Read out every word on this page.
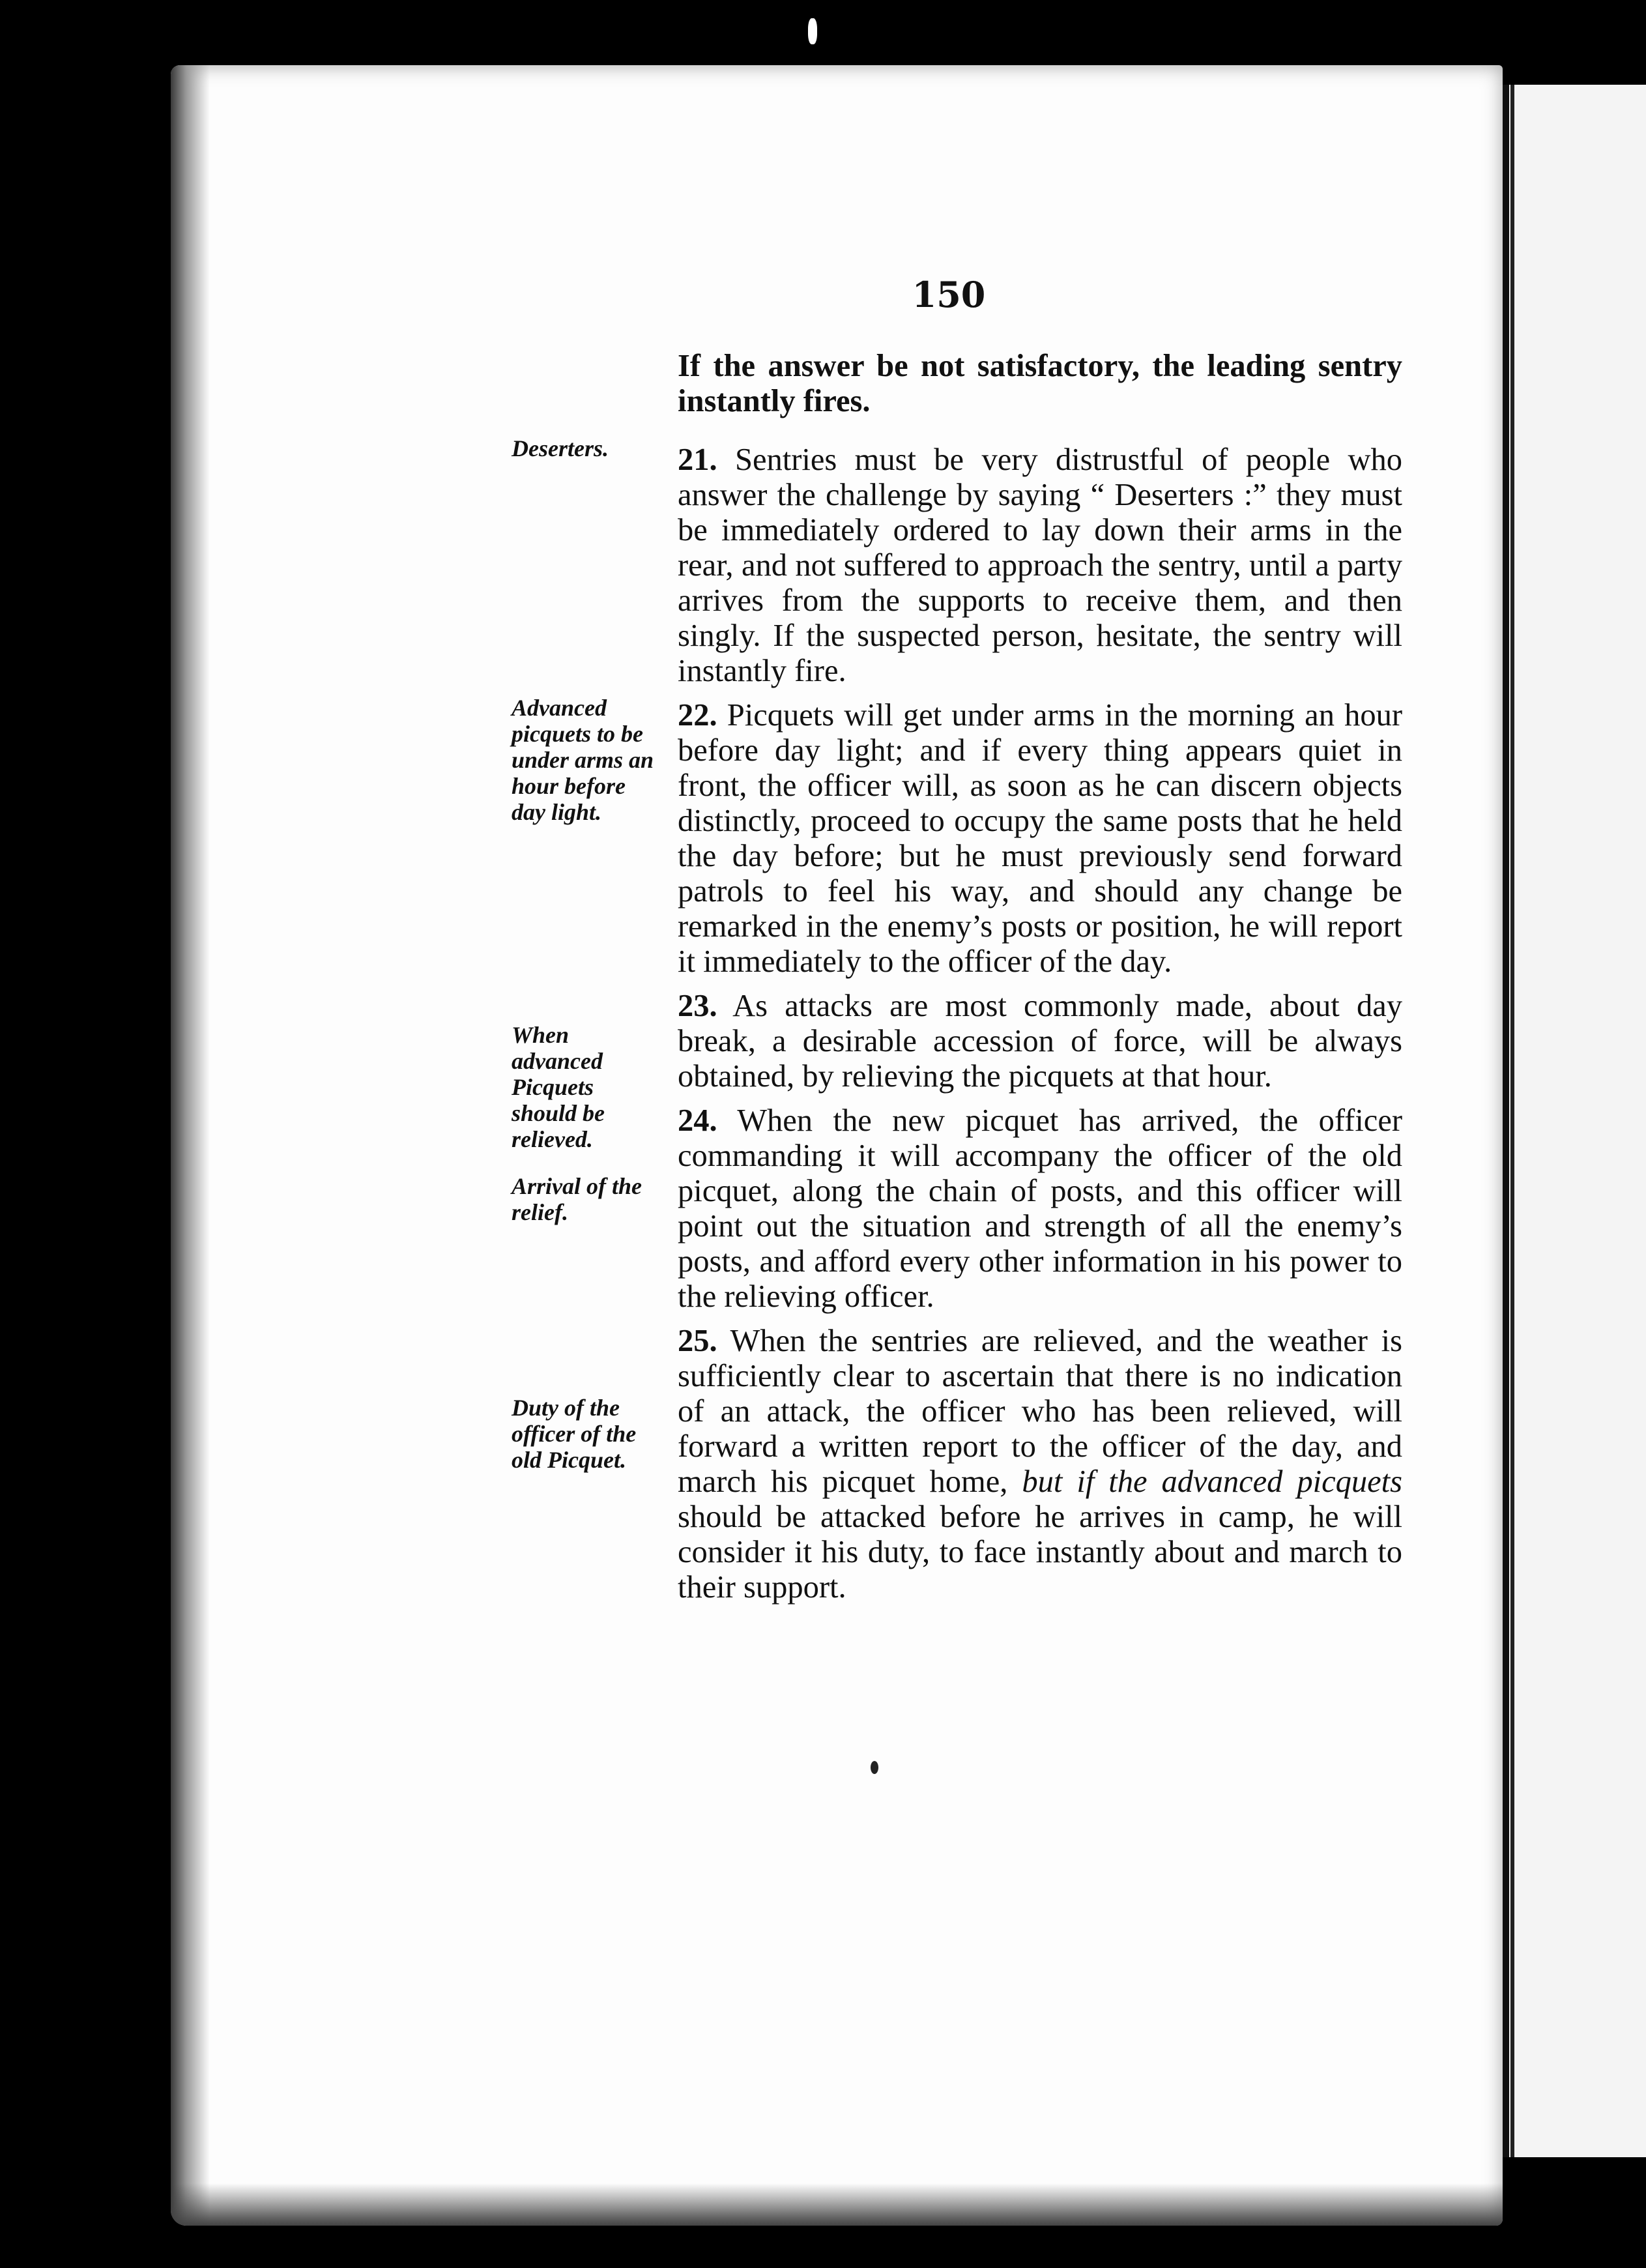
150
Deserters.
Advanced picquets to be under arms an hour before day light.
When advanced Picquets should be relieved.
Arrival of the relief.
Duty of the officer of the old Picquet.

If the answer be not satisfactory, the leading sentry instantly fires.

21. Sentries must be very distrustful of people who answer the challenge by saying “ Deserters :” they must be immediately ordered to lay down their arms in the rear, and not suffered to approach the sentry, until a party arrives from the supports to receive them, and then singly. If the suspected person, hesitate, the sentry will instantly fire.

22. Picquets will get under arms in the morning an hour before day light; and if every thing appears quiet in front, the officer will, as soon as he can discern objects distinctly, proceed to occupy the same posts that he held the day before; but he must previously send forward patrols to feel his way, and should any change be remarked in the enemy’s posts or position, he will report it immediately to the officer of the day.

23. As attacks are most commonly made, about day break, a desirable accession of force, will be always obtained, by relieving the picquets at that hour.

24. When the new picquet has arrived, the officer commanding it will accompany the officer of the old picquet, along the chain of posts, and this officer will point out the situation and strength of all the enemy’s posts, and afford every other information in his power to the relieving officer.

25. When the sentries are relieved, and the weather is sufficiently clear to ascertain that there is no indication of an attack, the officer who has been relieved, will forward a written report to the officer of the day, and march his picquet home, but if the advanced picquets should be attacked before he arrives in camp, he will consider it his duty, to face instantly about and march to their support.
